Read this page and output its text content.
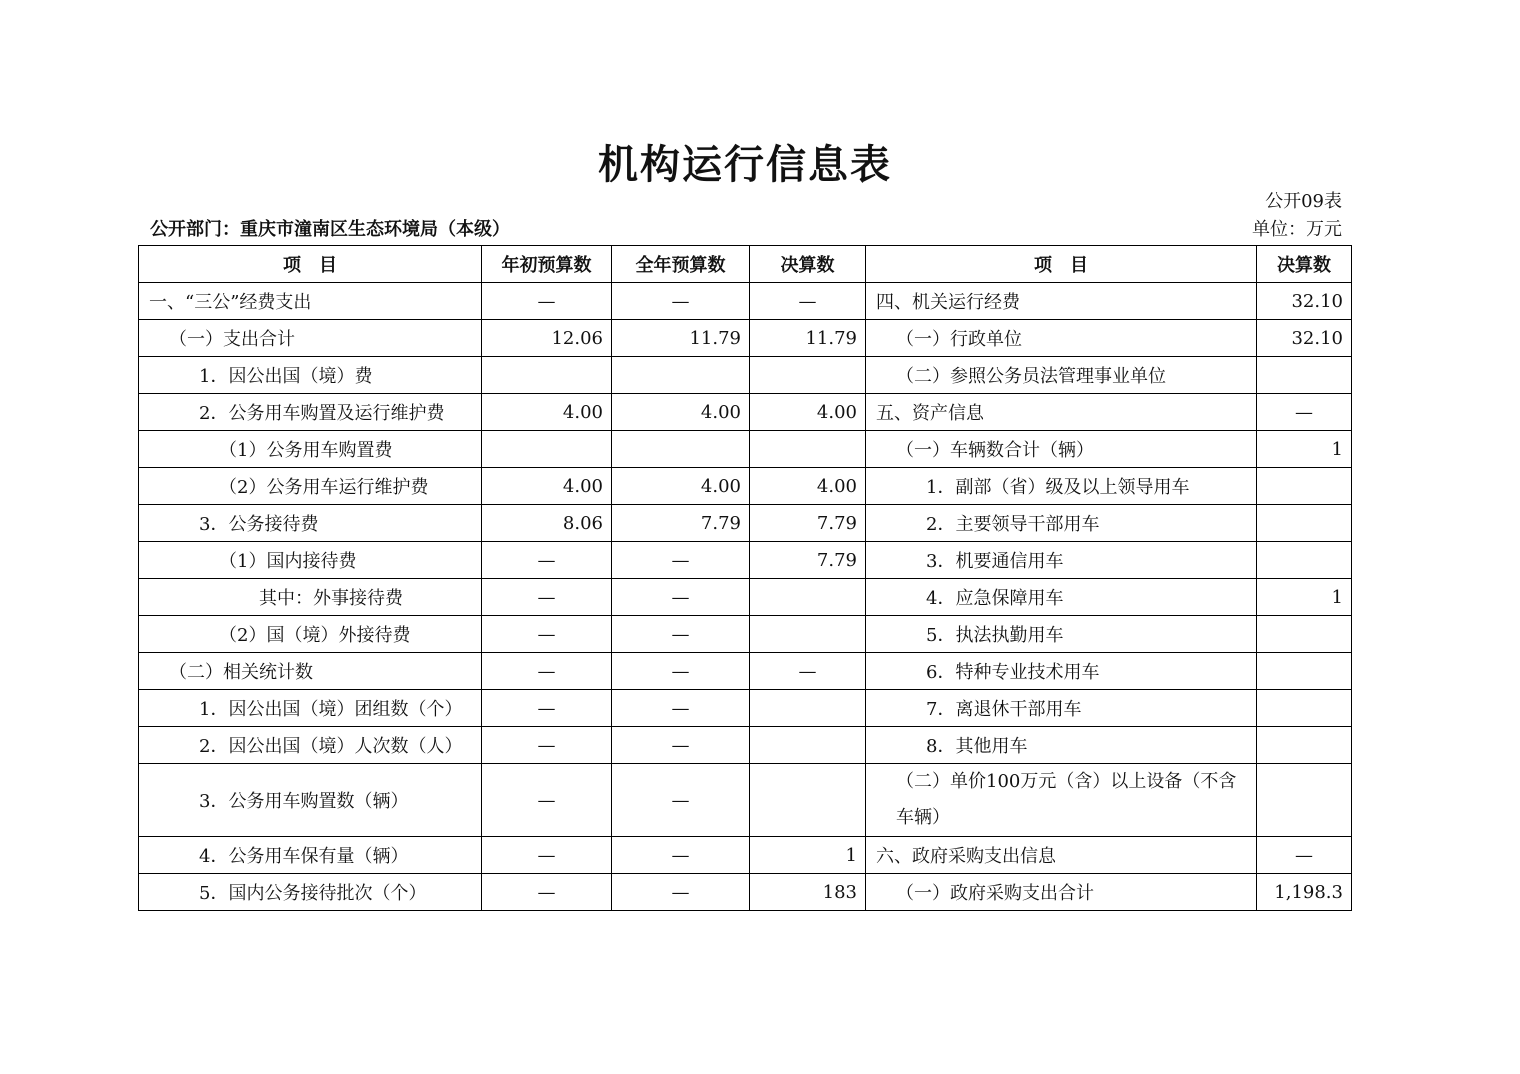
机构运行信息表
公开09表
公开部门：重庆市潼南区生态环境局（本级）	单位：万元
项　目	年初预算数	全年预算数	决算数	项　目	决算数
一、“三公”经费支出	—	—	—	四、机关运行经费	32.10
（一）支出合计	12.06	11.79	11.79	（一）行政单位	32.10
1．因公出国（境）费				（二）参照公务员法管理事业单位	
2．公务用车购置及运行维护费	4.00	4.00	4.00	五、资产信息	—
（1）公务用车购置费				（一）车辆数合计（辆）	1
（2）公务用车运行维护费	4.00	4.00	4.00	1．副部（省）级及以上领导用车	
3．公务接待费	8.06	7.79	7.79	2．主要领导干部用车	
（1）国内接待费	—	—	7.79	3．机要通信用车	
其中：外事接待费	—	—		4．应急保障用车	1
（2）国（境）外接待费	—	—		5．执法执勤用车	
（二）相关统计数	—	—	—	6．特种专业技术用车	
1．因公出国（境）团组数（个）	—	—		7．离退休干部用车	
2．因公出国（境）人次数（人）	—	—		8．其他用车	
3．公务用车购置数（辆）	—	—		（二）单价100万元（含）以上设备（不含车辆）	
4．公务用车保有量（辆）	—	—	1	六、政府采购支出信息	—
5．国内公务接待批次（个）	—	—	183	（一）政府采购支出合计	1,198.3
